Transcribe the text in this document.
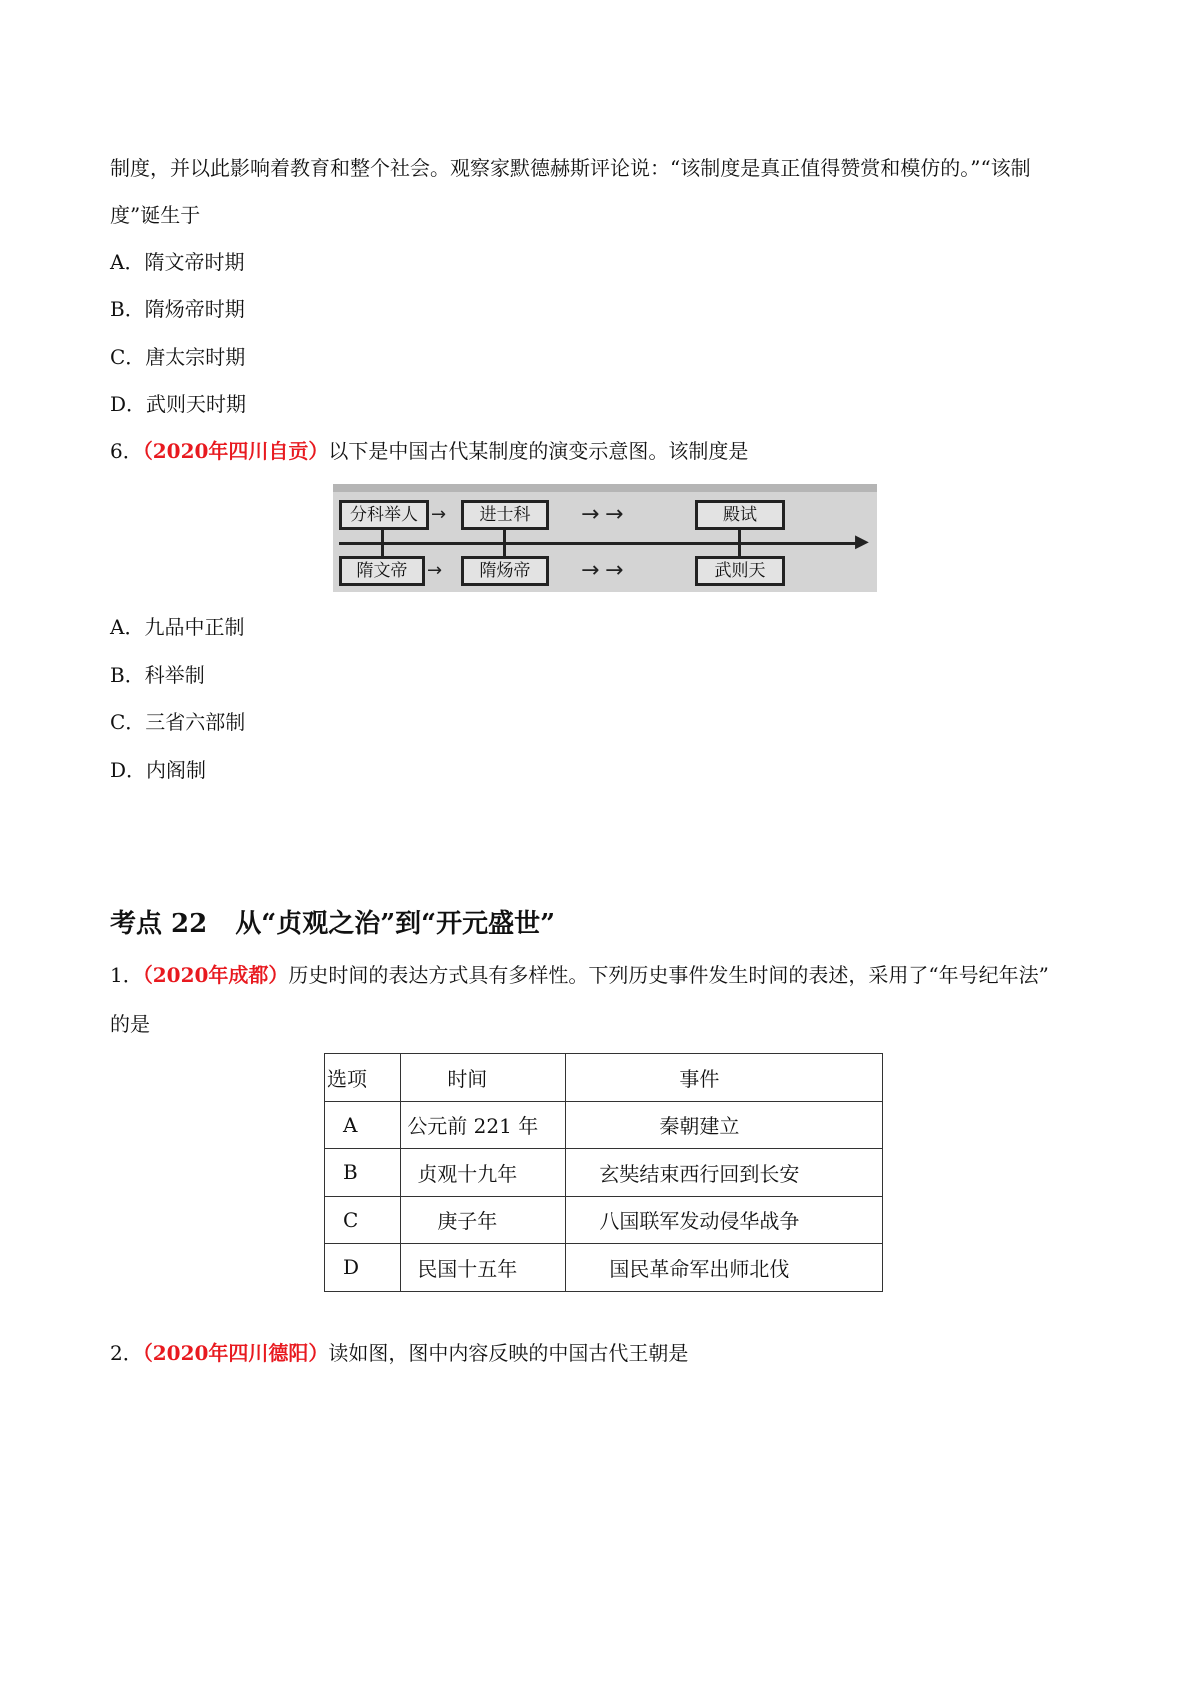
制度，并以此影响着教育和整个社会。观察家默德赫斯评论说：“该制度是真正值得赞赏和模仿的。”“该制
度”诞生于
A．隋文帝时期
B．隋炀帝时期
C．唐太宗时期
D．武则天时期
6．（2020年四川自贡）以下是中国古代某制度的演变示意图。该制度是
▶
分科举人 →	进士科	→ →	殿试
隋文帝	→	隋炀帝	→ →	武则天
A．九品中正制
B．科举制
C．三省六部制
D．内阁制
考点 22 从“贞观之治”到“开元盛世”
1．（2020年成都）历史时间的表达方式具有多样性。下列历史事件发生时间的表述，采用了“年号纪年法”
的是
选项	时间	事件
A	公元前 221 年	秦朝建立
B	贞观十九年	玄奘结束西行回到长安
C	庚子年	八国联军发动侵华战争
D	民国十五年	国民革命军出师北伐
2．（2020年四川德阳）读如图，图中内容反映的中国古代王朝是
